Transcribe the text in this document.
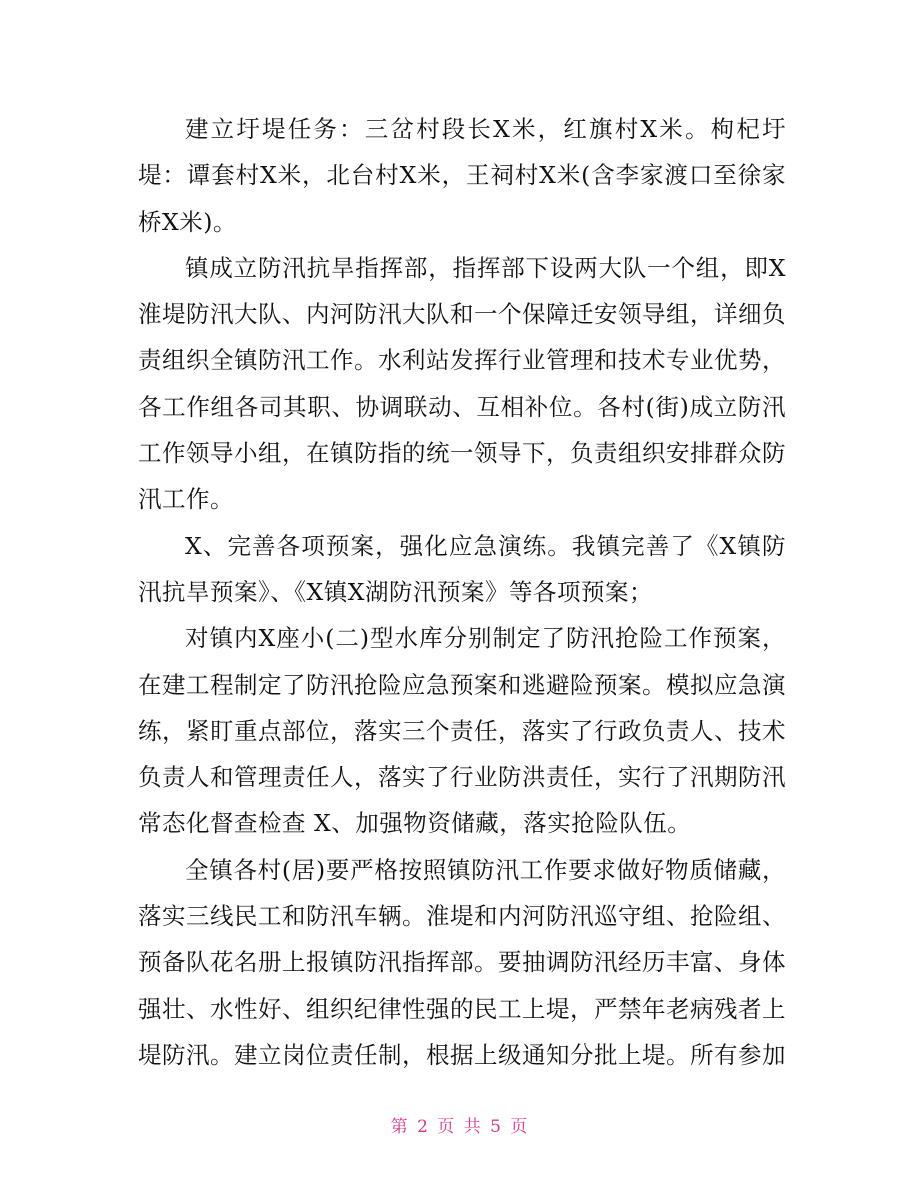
建立圩堤任务：三岔村段长X米，红旗村X米。枸杞圩堤：谭套村X米，北台村X米，王祠村X米(含李家渡口至徐家桥X米)。

镇成立防汛抗旱指挥部，指挥部下设两大队一个组，即X淮堤防汛大队、内河防汛大队和一个保障迁安领导组，详细负责组织全镇防汛工作。水利站发挥行业管理和技术专业优势，各工作组各司其职、协调联动、互相补位。各村(街)成立防汛工作领导小组，在镇防指的统一领导下，负责组织安排群众防汛工作。

X、完善各项预案，强化应急演练。我镇完善了《X镇防汛抗旱预案》、《X镇X湖防汛预案》等各项预案；

对镇内X座小(二)型水库分别制定了防汛抢险工作预案，在建工程制定了防汛抢险应急预案和逃避险预案。模拟应急演练，紧盯重点部位，落实三个责任，落实了行政负责人、技术负责人和管理责任人，落实了行业防洪责任，实行了汛期防汛常态化督查检查 X、加强物资储藏，落实抢险队伍。

全镇各村(居)要严格按照镇防汛工作要求做好物质储藏，落实三线民工和防汛车辆。淮堤和内河防汛巡守组、抢险组、预备队花名册上报镇防汛指挥部。要抽调防汛经历丰富、身体强壮、水性好、组织纪律性强的民工上堤，严禁年老病残者上堤防汛。建立岗位责任制，根据上级通知分批上堤。所有参加

第 2 页 共 5 页
